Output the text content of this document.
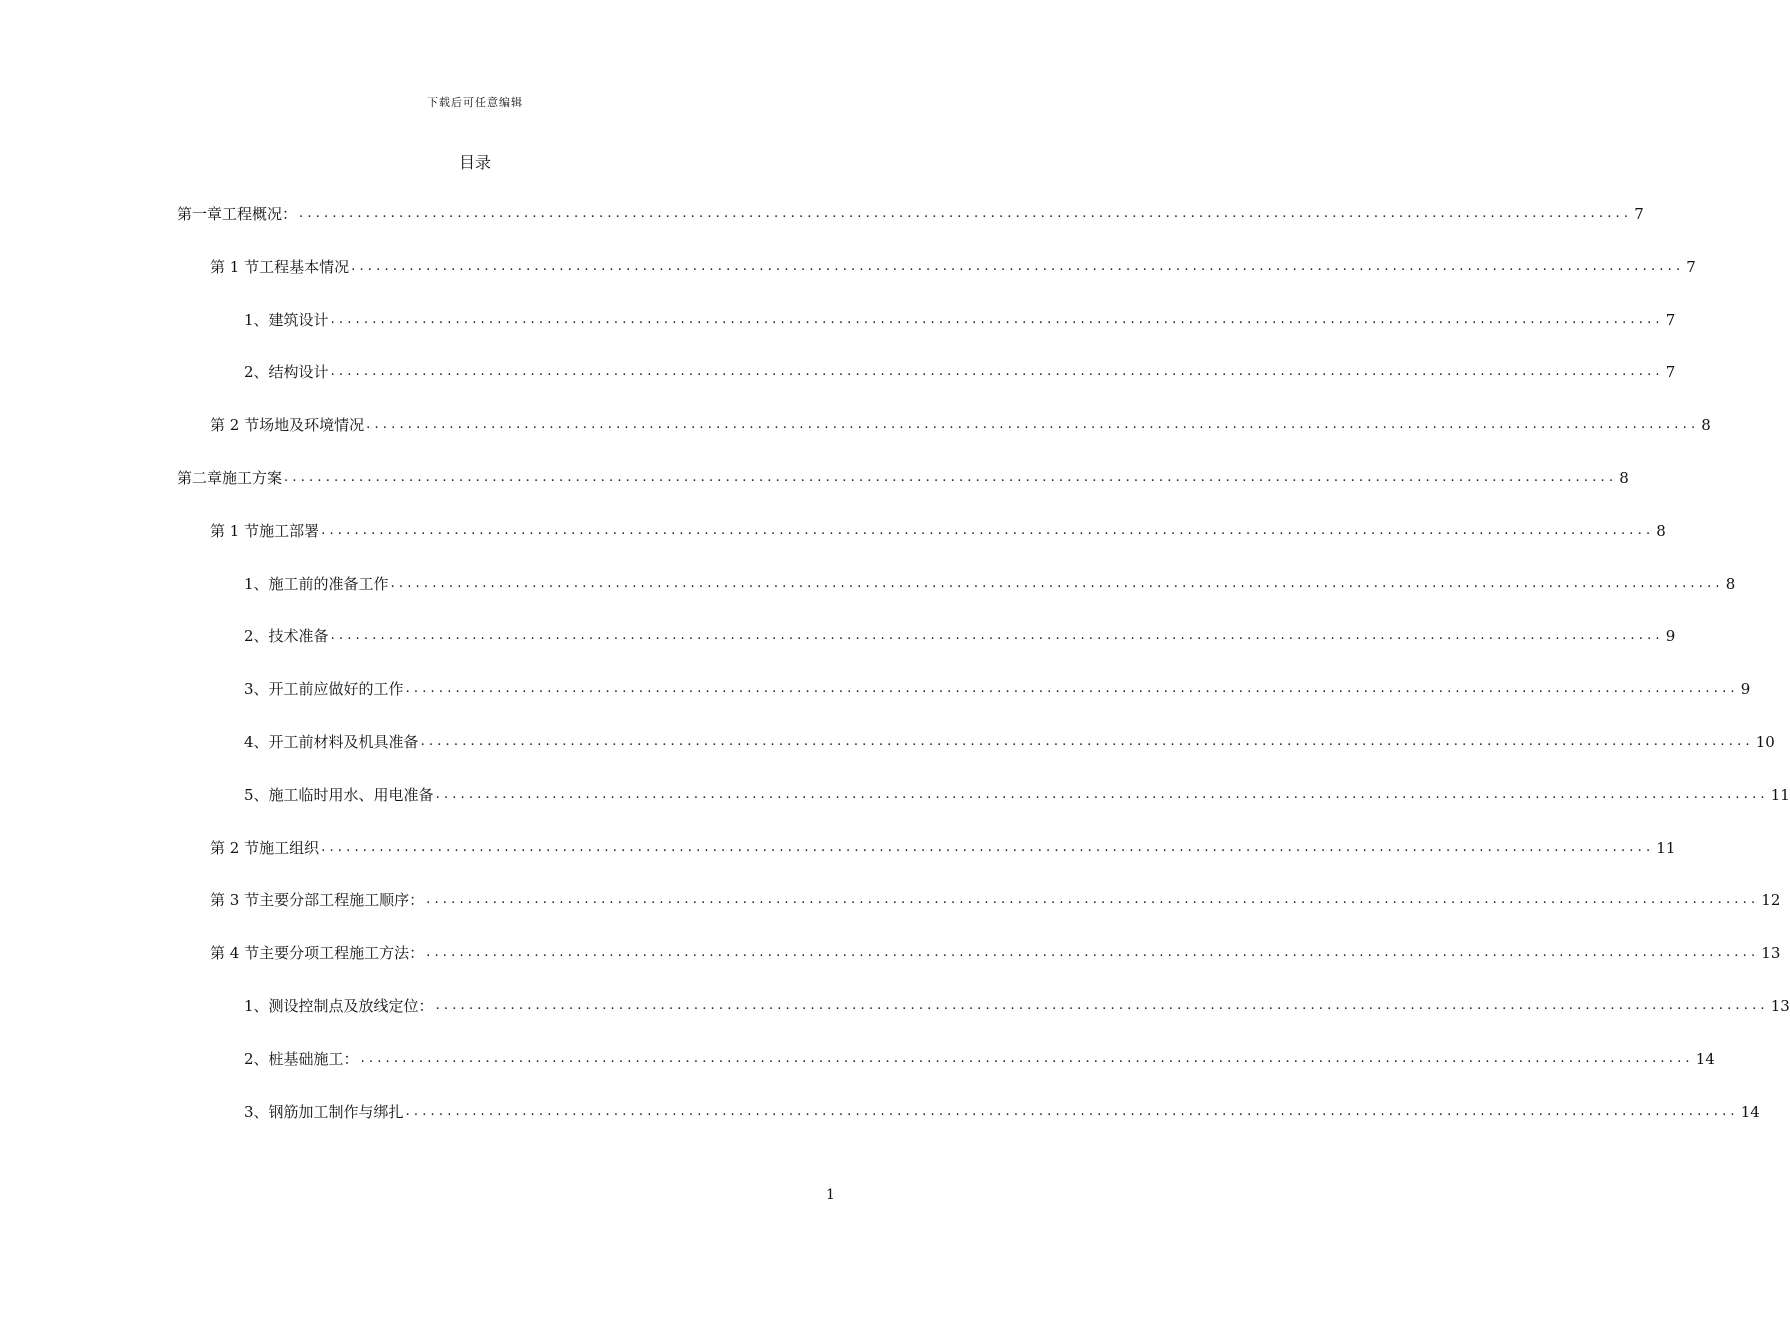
下载后可任意编辑
目录
第一章 工程概况： ................................................................................................................................................................ 7
第 1 节 工程基本情况 ................................................................................................................................................................ 7
1、 建筑设计 ................................................................................................................................................................ 7
2、 结构设计 ................................................................................................................................................................ 7
第 2 节 场地及环境情况 ................................................................................................................................................................ 8
第二章 施工方案 ................................................................................................................................................................ 8
第 1 节 施工部署 ................................................................................................................................................................ 8
1、 施工前的准备工作 ................................................................................................................................................................ 8
2、 技术准备 ................................................................................................................................................................ 9
3、 开工前应做好的工作 ................................................................................................................................................................ 9
4、 开工前材料及机具准备 ................................................................................................................................................................ 10
5、 施工临时用水、用电准备 ................................................................................................................................................................ 11
第 2 节 施工组织 ................................................................................................................................................................ 11
第 3 节 主要分部工程施工顺序： ................................................................................................................................................................ 12
第 4 节 主要分项工程施工方法： ................................................................................................................................................................ 13
1、 测设控制点及放线定位： ................................................................................................................................................................ 13
2、 桩基础施工： ................................................................................................................................................................ 14
3、 钢筋加工制作与绑扎 ................................................................................................................................................................ 14
1
